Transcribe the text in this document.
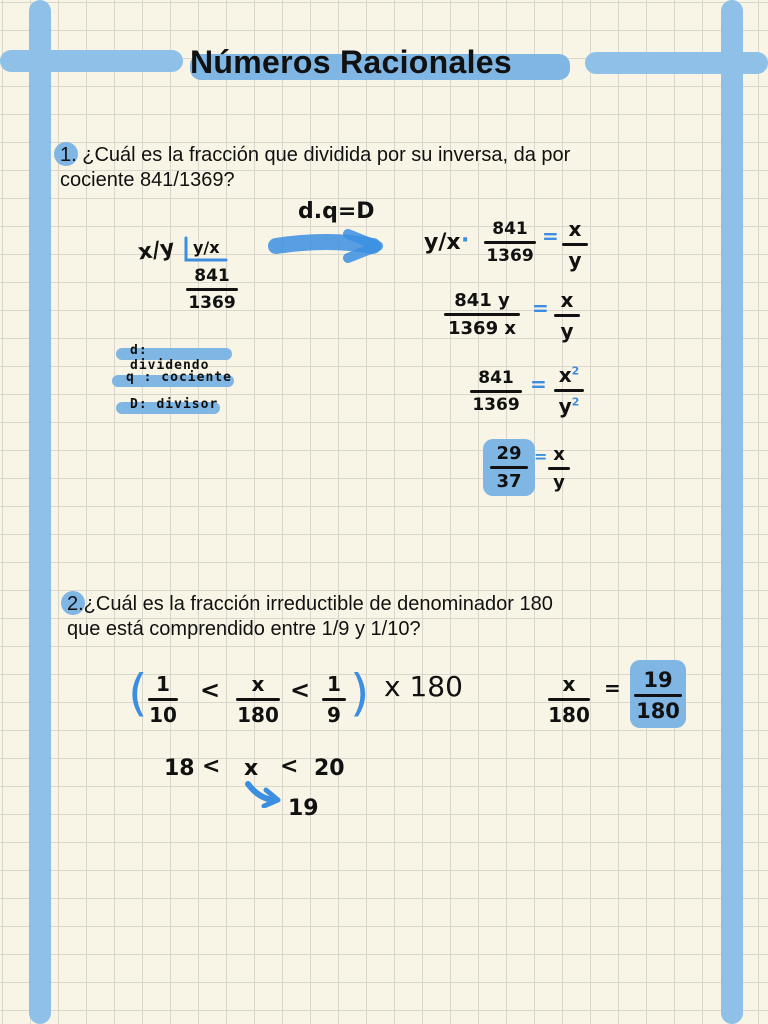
Números Racionales
1. ¿Cuál es la fracción que dividida por su inversa, da por
cociente 841/1369?
d.q=D
x/y y/x
841
1369
d: dividendo
q : cociente
D: divisor
y/x ·	841
1369
= x
y
841 y
1369 x
= x
y
841
1369
= $x^2$
$y^2$
29
37
= x
y
2.¿Cuál es la fracción irreductible de denominador 180
que está comprendido entre 1/9 y 1/10?
( 1
10
<	x
180
< 1
9 ) x 180
18 < x < 20
19
x
180
=	19
180
